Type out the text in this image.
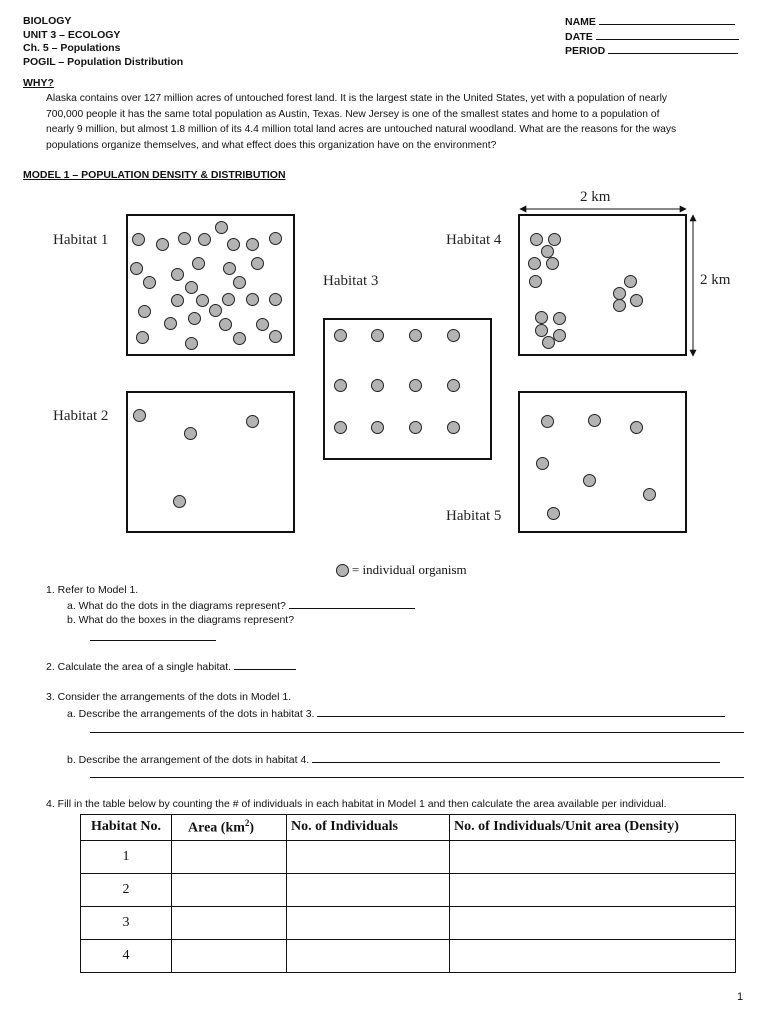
BIOLOGY
UNIT 3 – ECOLOGY
Ch. 5 – Populations
POGIL – Population Distribution
NAME
DATE
PERIOD
WHY?
Alaska contains over 127 million acres of untouched forest land. It is the largest state in the United States, yet with a population of nearly
700,000 people it has the same total population as Austin, Texas. New Jersey is one of the smallest states and home to a population of
nearly 9 million, but almost 1.8 million of its 4.4 million total land acres are untouched natural woodland. What are the reasons for the ways
populations organize themselves, and what effect does this organization have on the environment?
MODEL 1 – POPULATION DENSITY & DISTRIBUTION
Habitat 1
Habitat 2
Habitat 3
Habitat 4
Habitat 5
2 km
2 km
= individual organism
1. Refer to Model 1.
a. What do the dots in the diagrams represent?
b. What do the boxes in the diagrams represent?
2. Calculate the area of a single habitat.
3. Consider the arrangements of the dots in Model 1.
a. Describe the arrangements of the dots in habitat 3.
b. Describe the arrangement of the dots in habitat 4.
4. Fill in the table below by counting the # of individuals in each habitat in Model 1 and then calculate the area available per individual.
Habitat No.	Area $(km^2)$	No. of Individuals	No. of Individuals/Unit area (Density)
1			
2			
3			
4			
1
